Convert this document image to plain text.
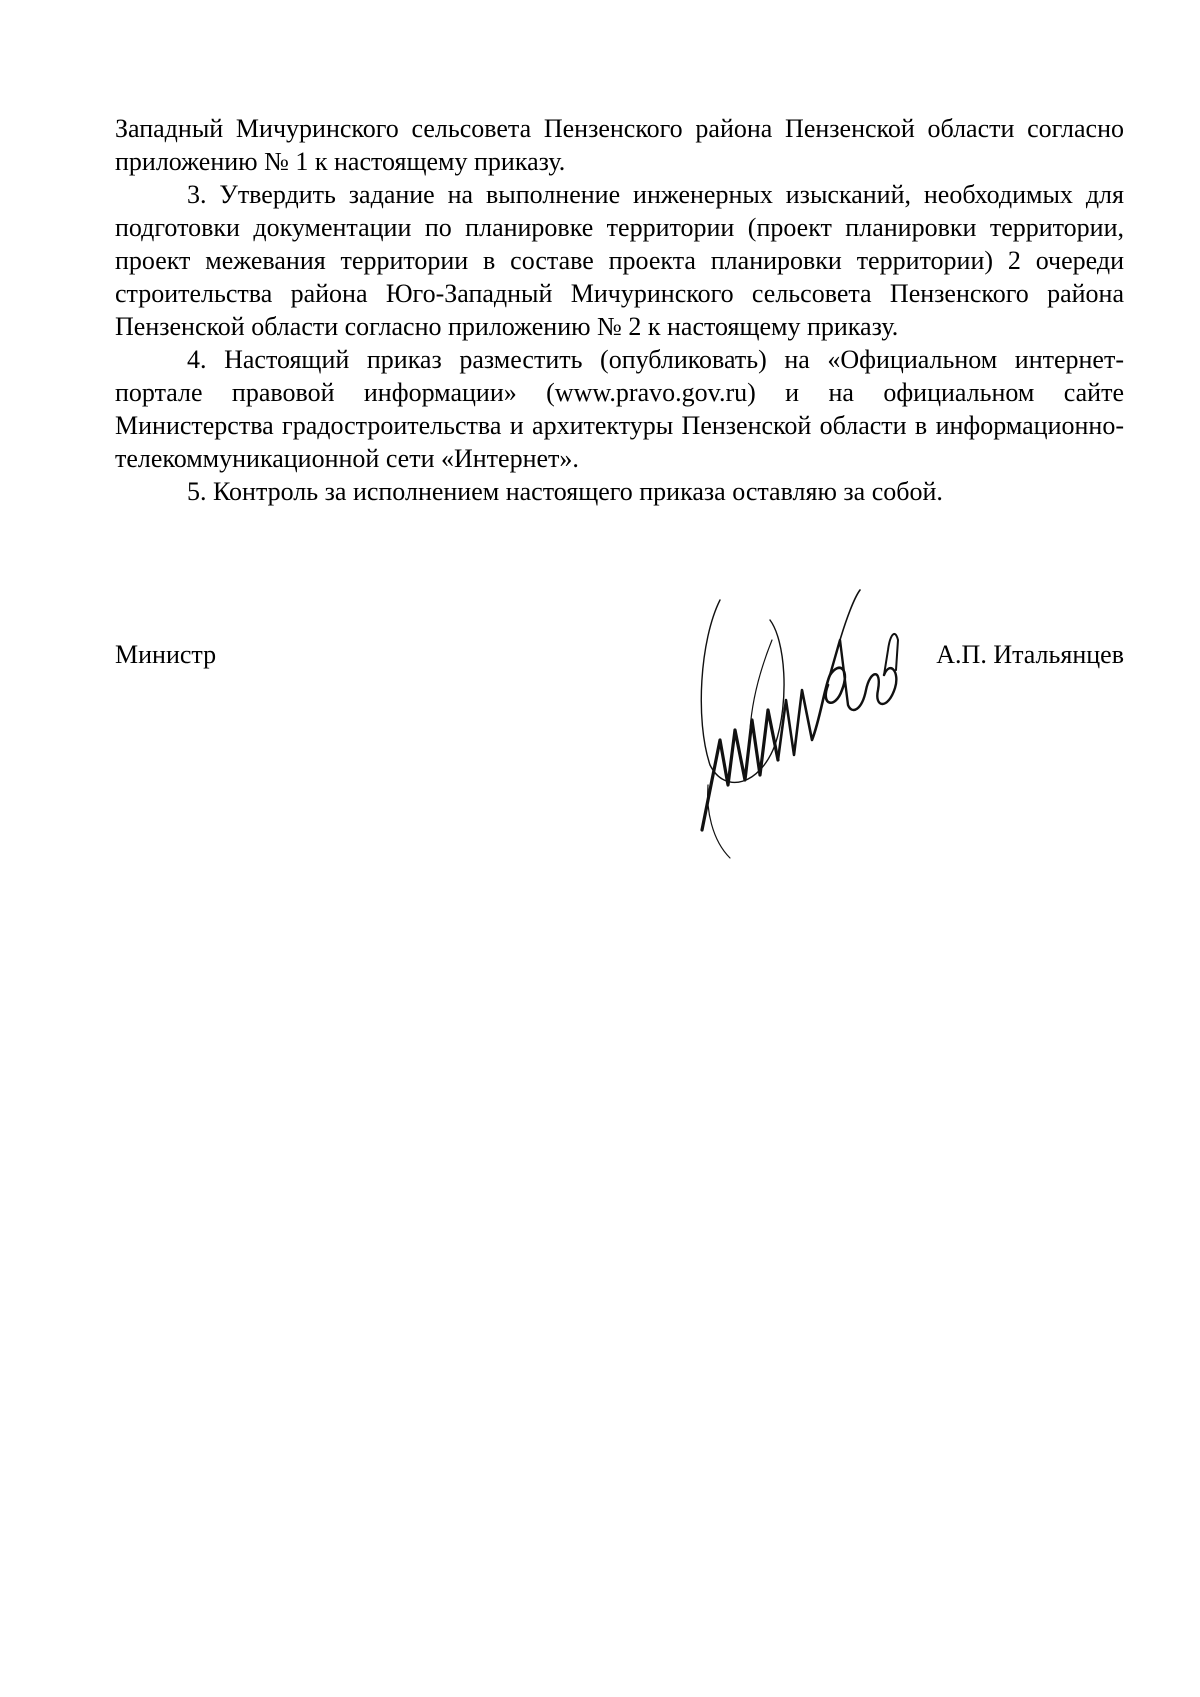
Западный Мичуринского сельсовета Пензенского района Пензенской области согласно приложению № 1 к настоящему приказу.

3. Утвердить задание на выполнение инженерных изысканий, необходимых для подготовки документации по планировке территории (проект планировки территории, проект межевания территории в составе проекта планировки территории) 2 очереди строительства района Юго-Западный Мичуринского сельсовета Пензенского района Пензенской области согласно приложению № 2 к настоящему приказу.

4. Настоящий приказ разместить (опубликовать) на «Официальном интернет-портале правовой информации» (www.pravo.gov.ru) и на официальном сайте Министерства градостроительства и архитектуры Пензенской области в информационно-телекоммуникационной сети «Интернет».

5. Контроль за исполнением настоящего приказа оставляю за собой.

Министр	А.П. Итальянцев
